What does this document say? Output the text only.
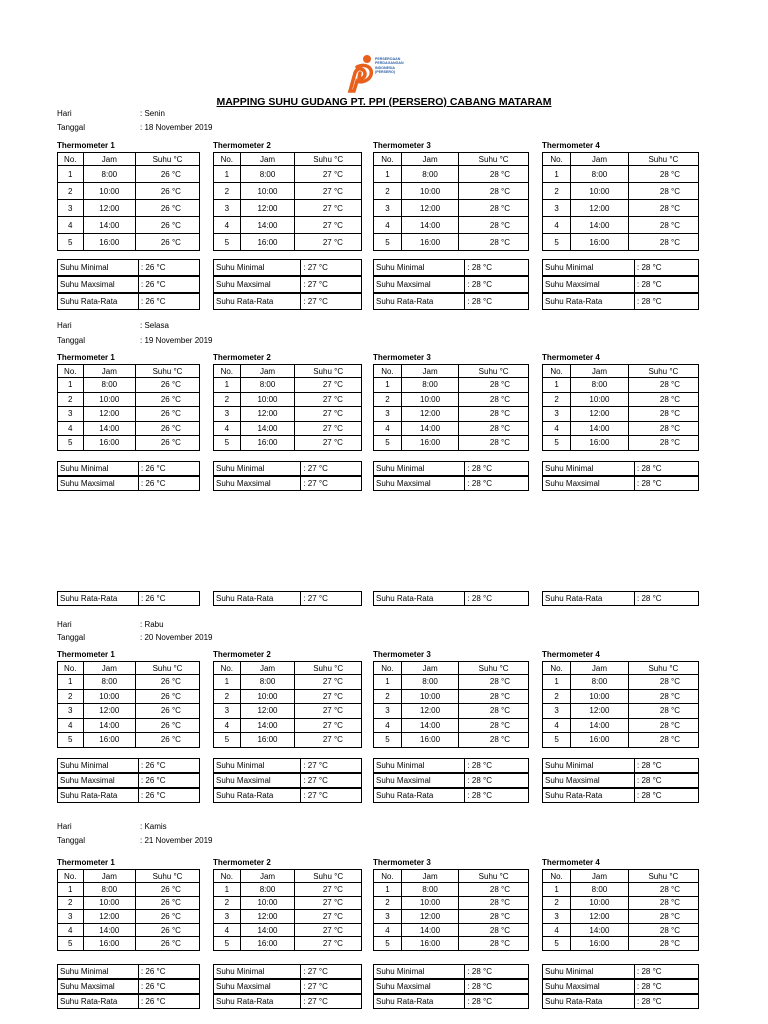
PERSEROAAN
PERDAGANGAN
INDONESIA
(PERSERO)
MAPPING SUHU GUDANG PT. PPI (PERSERO) CABANG MATARAM
Hari	: Senin
Tanggal	: 18 November 2019
Thermometer 1
No.	Jam	Suhu °C
1	8:00	26 °C
2	10:00	26 °C
3	12:00	26 °C
4	14:00	26 °C
5	16:00	26 °C
Suhu Minimal	: 26 °C
Suhu Maxsimal	: 26 °C
Suhu Rata-Rata	: 26 °C
Thermometer 2
No.	Jam	Suhu °C
1	8:00	27 °C
2	10:00	27 °C
3	12:00	27 °C
4	14:00	27 °C
5	16:00	27 °C
Suhu Minimal	: 27 °C
Suhu Maxsimal	: 27 °C
Suhu Rata-Rata	: 27 °C
Thermometer 3
No.	Jam	Suhu °C
1	8:00	28 °C
2	10:00	28 °C
3	12:00	28 °C
4	14:00	28 °C
5	16:00	28 °C
Suhu Minimal	: 28 °C
Suhu Maxsimal	: 28 °C
Suhu Rata-Rata	: 28 °C
Thermometer 4
No.	Jam	Suhu °C
1	8:00	28 °C
2	10:00	28 °C
3	12:00	28 °C
4	14:00	28 °C
5	16:00	28 °C
Suhu Minimal	: 28 °C
Suhu Maxsimal	: 28 °C
Suhu Rata-Rata	: 28 °C
Hari	: Selasa
Tanggal	: 19 November 2019
Thermometer 1
No.	Jam	Suhu °C
1	8:00	26 °C
2	10:00	26 °C
3	12:00	26 °C
4	14:00	26 °C
5	16:00	26 °C
Suhu Minimal	: 26 °C
Suhu Maxsimal	: 26 °C
Suhu Rata-Rata	: 26 °C
Thermometer 2
No.	Jam	Suhu °C
1	8:00	27 °C
2	10:00	27 °C
3	12:00	27 °C
4	14:00	27 °C
5	16:00	27 °C
Suhu Minimal	: 27 °C
Suhu Maxsimal	: 27 °C
Suhu Rata-Rata	: 27 °C
Thermometer 3
No.	Jam	Suhu °C
1	8:00	28 °C
2	10:00	28 °C
3	12:00	28 °C
4	14:00	28 °C
5	16:00	28 °C
Suhu Minimal	: 28 °C
Suhu Maxsimal	: 28 °C
Suhu Rata-Rata	: 28 °C
Thermometer 4
No.	Jam	Suhu °C
1	8:00	28 °C
2	10:00	28 °C
3	12:00	28 °C
4	14:00	28 °C
5	16:00	28 °C
Suhu Minimal	: 28 °C
Suhu Maxsimal	: 28 °C
Suhu Rata-Rata	: 28 °C
Hari	: Rabu
Tanggal	: 20 November 2019
Thermometer 1
No.	Jam	Suhu °C
1	8:00	26 °C
2	10:00	26 °C
3	12:00	26 °C
4	14:00	26 °C
5	16:00	26 °C
Suhu Minimal	: 26 °C
Suhu Maxsimal	: 26 °C
Suhu Rata-Rata	: 26 °C
Thermometer 2
No.	Jam	Suhu °C
1	8:00	27 °C
2	10:00	27 °C
3	12:00	27 °C
4	14:00	27 °C
5	16:00	27 °C
Suhu Minimal	: 27 °C
Suhu Maxsimal	: 27 °C
Suhu Rata-Rata	: 27 °C
Thermometer 3
No.	Jam	Suhu °C
1	8:00	28 °C
2	10:00	28 °C
3	12:00	28 °C
4	14:00	28 °C
5	16:00	28 °C
Suhu Minimal	: 28 °C
Suhu Maxsimal	: 28 °C
Suhu Rata-Rata	: 28 °C
Thermometer 4
No.	Jam	Suhu °C
1	8:00	28 °C
2	10:00	28 °C
3	12:00	28 °C
4	14:00	28 °C
5	16:00	28 °C
Suhu Minimal	: 28 °C
Suhu Maxsimal	: 28 °C
Suhu Rata-Rata	: 28 °C
Hari	: Kamis
Tanggal	: 21 November 2019
Thermometer 1
No.	Jam	Suhu °C
1	8:00	26 °C
2	10:00	26 °C
3	12:00	26 °C
4	14:00	26 °C
5	16:00	26 °C
Suhu Minimal	: 26 °C
Suhu Maxsimal	: 26 °C
Suhu Rata-Rata	: 26 °C
Thermometer 2
No.	Jam	Suhu °C
1	8:00	27 °C
2	10:00	27 °C
3	12:00	27 °C
4	14:00	27 °C
5	16:00	27 °C
Suhu Minimal	: 27 °C
Suhu Maxsimal	: 27 °C
Suhu Rata-Rata	: 27 °C
Thermometer 3
No.	Jam	Suhu °C
1	8:00	28 °C
2	10:00	28 °C
3	12:00	28 °C
4	14:00	28 °C
5	16:00	28 °C
Suhu Minimal	: 28 °C
Suhu Maxsimal	: 28 °C
Suhu Rata-Rata	: 28 °C
Thermometer 4
No.	Jam	Suhu °C
1	8:00	28 °C
2	10:00	28 °C
3	12:00	28 °C
4	14:00	28 °C
5	16:00	28 °C
Suhu Minimal	: 28 °C
Suhu Maxsimal	: 28 °C
Suhu Rata-Rata	: 28 °C
